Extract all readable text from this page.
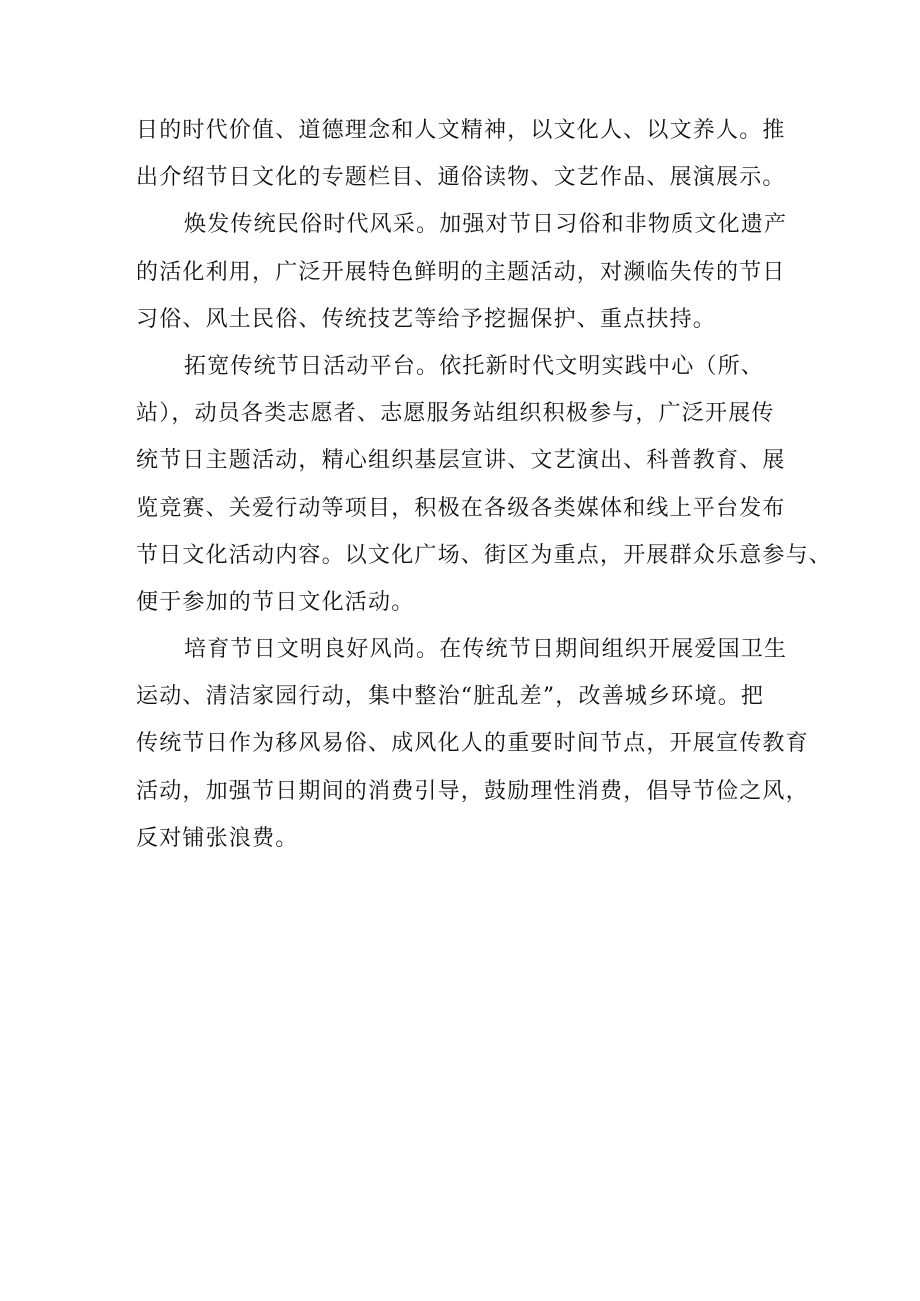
日的时代价值、道德理念和人文精神，以文化人、以文养人。推
出介绍节日文化的专题栏目、通俗读物、文艺作品、展演展示。
焕发传统民俗时代风采。加强对节日习俗和非物质文化遗产
的活化利用，广泛开展特色鲜明的主题活动，对濒临失传的节日
习俗、风土民俗、传统技艺等给予挖掘保护、重点扶持。
拓宽传统节日活动平台。依托新时代文明实践中心（所、
站），动员各类志愿者、志愿服务站组织积极参与，广泛开展传
统节日主题活动，精心组织基层宣讲、文艺演出、科普教育、展
览竞赛、关爱行动等项目，积极在各级各类媒体和线上平台发布
节日文化活动内容。以文化广场、街区为重点，开展群众乐意参与、
便于参加的节日文化活动。
培育节日文明良好风尚。在传统节日期间组织开展爱国卫生
运动、清洁家园行动，集中整治“脏乱差”，改善城乡环境。把
传统节日作为移风易俗、成风化人的重要时间节点，开展宣传教育
活动，加强节日期间的消费引导，鼓励理性消费，倡导节俭之风，
反对铺张浪费。
